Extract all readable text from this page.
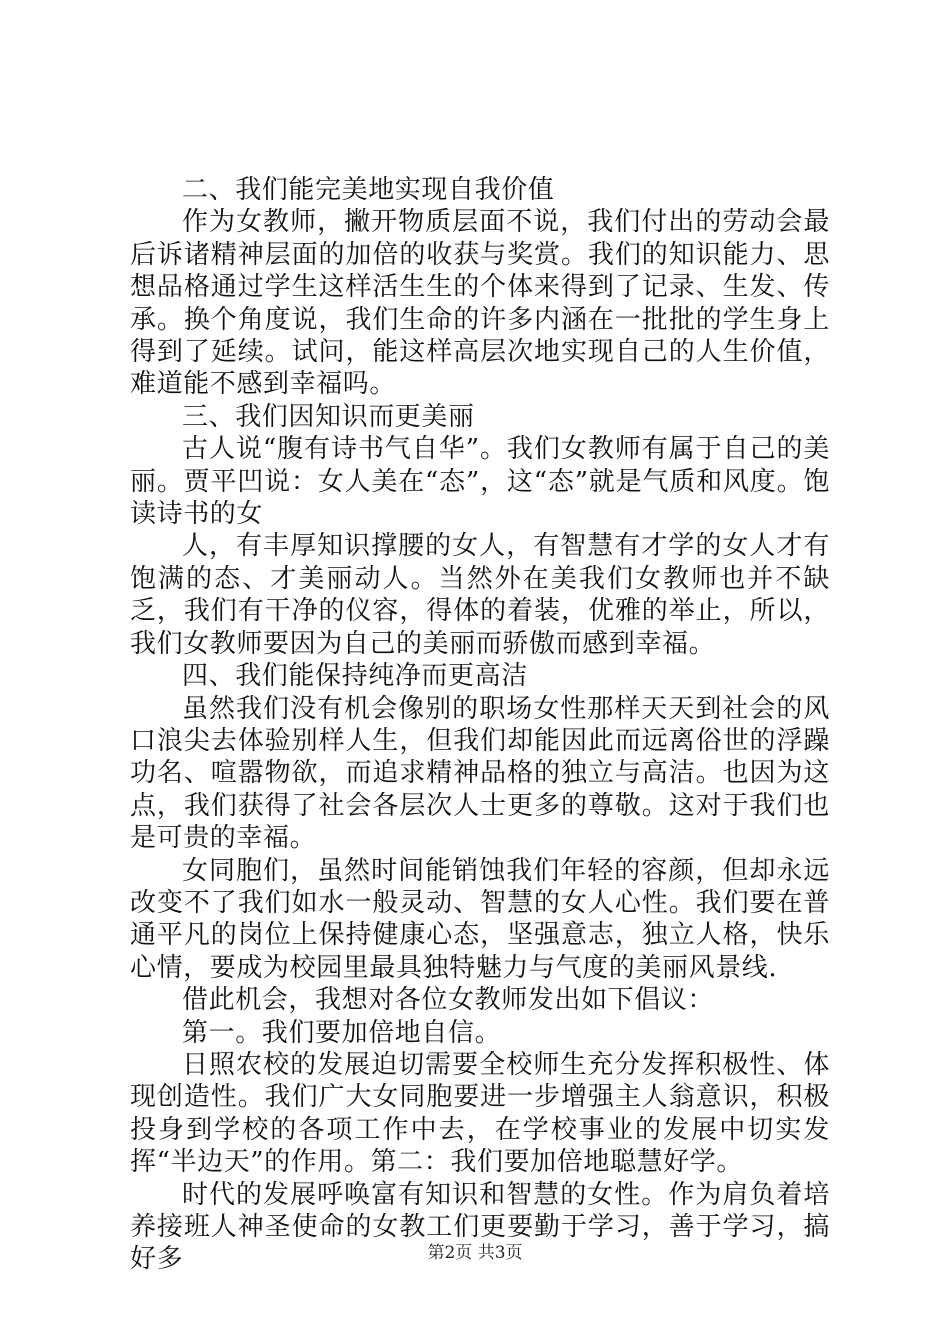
二、我们能完美地实现自我价值

作为女教师，撇开物质层面不说，我们付出的劳动会最后诉诸精神层面的加倍的收获与奖赏。我们的知识能力、思想品格通过学生这样活生生的个体来得到了记录、生发、传承。换个角度说，我们生命的许多内涵在一批批的学生身上得到了延续。试问，能这样高层次地实现自己的人生价值，难道能不感到幸福吗。

三、我们因知识而更美丽

古人说“腹有诗书气自华”。我们女教师有属于自己的美丽。贾平凹说：女人美在“态”，这“态”就是气质和风度。饱读诗书的女

人，有丰厚知识撑腰的女人，有智慧有才学的女人才有饱满的态、才美丽动人。当然外在美我们女教师也并不缺乏，我们有干净的仪容，得体的着装，优雅的举止，所以，我们女教师要因为自己的美丽而骄傲而感到幸福。

四、我们能保持纯净而更高洁

虽然我们没有机会像别的职场女性那样天天到社会的风口浪尖去体验别样人生，但我们却能因此而远离俗世的浮躁功名、喧嚣物欲，而追求精神品格的独立与高洁。也因为这点，我们获得了社会各层次人士更多的尊敬。这对于我们也是可贵的幸福。

女同胞们，虽然时间能销蚀我们年轻的容颜，但却永远改变不了我们如水一般灵动、智慧的女人心性。我们要在普通平凡的岗位上保持健康心态，坚强意志，独立人格，快乐心情，要成为校园里最具独特魅力与气度的美丽风景线.

借此机会，我想对各位女教师发出如下倡议：

第一。我们要加倍地自信。

日照农校的发展迫切需要全校师生充分发挥积极性、体现创造性。我们广大女同胞要进一步增强主人翁意识，积极投身到学校的各项工作中去，在学校事业的发展中切实发挥“半边天”的作用。第二：我们要加倍地聪慧好学。

时代的发展呼唤富有知识和智慧的女性。作为肩负着培养接班人神圣使命的女教工们更要勤于学习，善于学习，搞好多	第2页 共3页
